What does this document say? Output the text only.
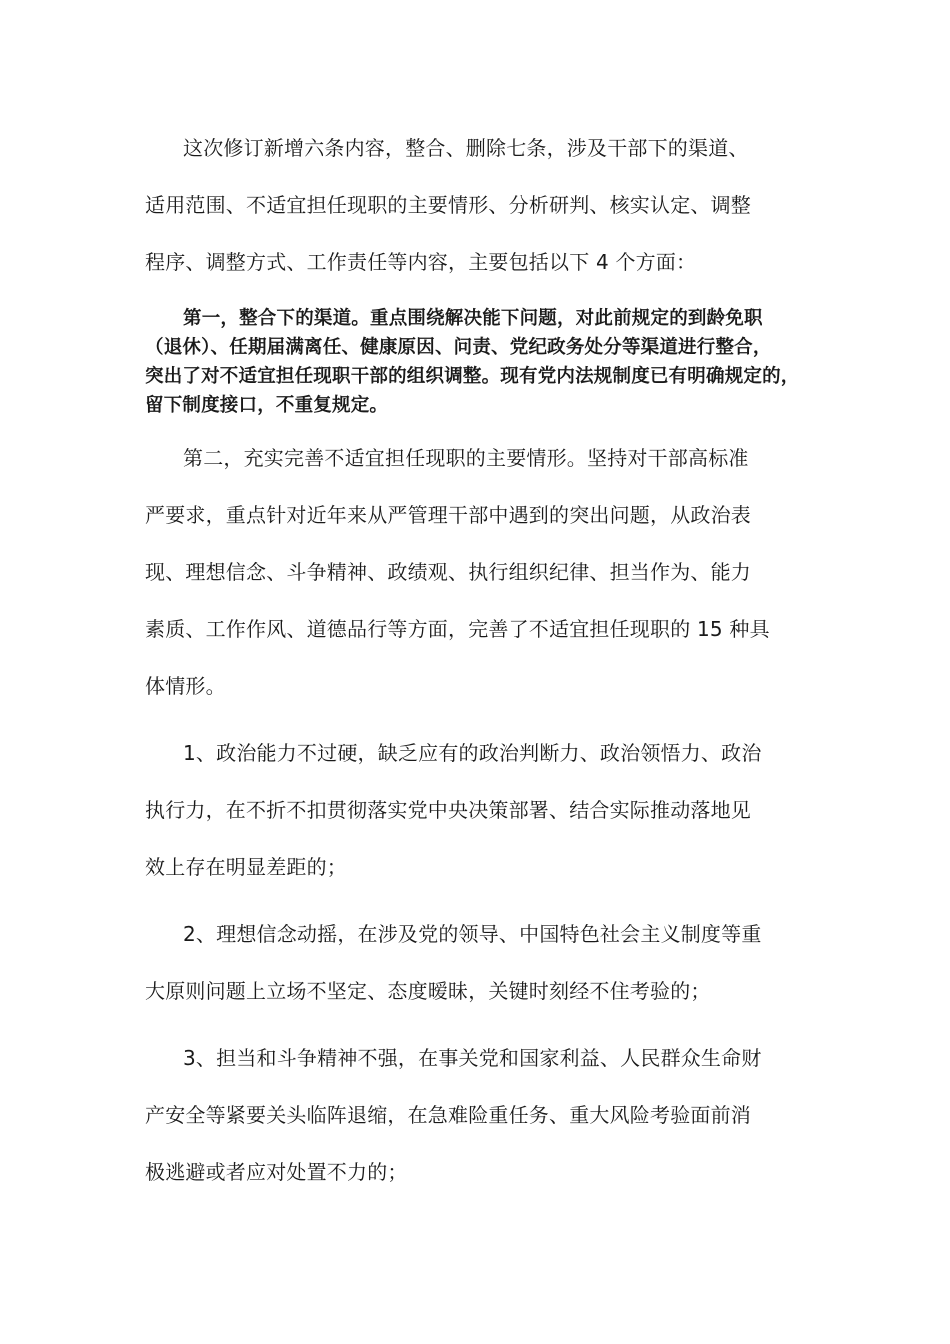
这次修订新增六条内容，整合、删除七条，涉及干部下的渠道、
适用范围、不适宜担任现职的主要情形、分析研判、核实认定、调整
程序、调整方式、工作责任等内容，主要包括以下 4 个方面：

第一，整合下的渠道。重点围绕解决能下问题，对此前规定的到龄免职
（退休）、任期届满离任、健康原因、问责、党纪政务处分等渠道进行整合，
突出了对不适宜担任现职干部的组织调整。现有党内法规制度已有明确规定的，
留下制度接口，不重复规定。

第二，充实完善不适宜担任现职的主要情形。坚持对干部高标准
严要求，重点针对近年来从严管理干部中遇到的突出问题，从政治表
现、理想信念、斗争精神、政绩观、执行组织纪律、担当作为、能力
素质、工作作风、道德品行等方面，完善了不适宜担任现职的 15 种具
体情形。

1、政治能力不过硬，缺乏应有的政治判断力、政治领悟力、政治
执行力，在不折不扣贯彻落实党中央决策部署、结合实际推动落地见
效上存在明显差距的；

2、理想信念动摇，在涉及党的领导、中国特色社会主义制度等重
大原则问题上立场不坚定、态度暧昧，关键时刻经不住考验的；

3、担当和斗争精神不强，在事关党和国家利益、人民群众生命财
产安全等紧要关头临阵退缩，在急难险重任务、重大风险考验面前消
极逃避或者应对处置不力的；
